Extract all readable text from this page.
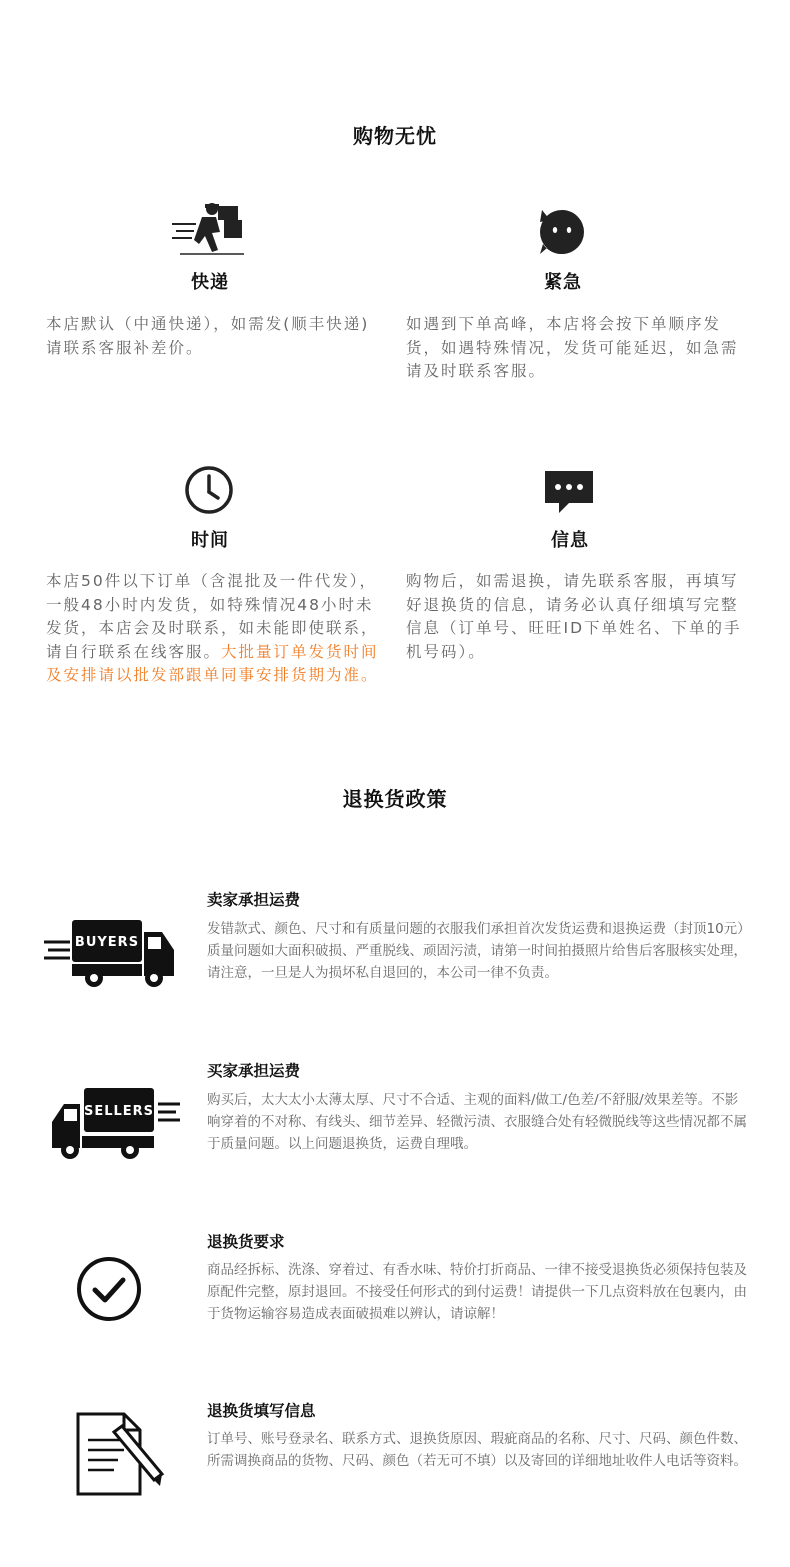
购物无忧
快递

本店默认（中通快递），如需发(顺丰快递)请联系客服补差价。

紧急

如遇到下单高峰，本店将会按下单顺序发货，如遇特殊情况，发货可能延迟，如急需请及时联系客服。

时间

本店50件以下订单（含混批及一件代发），一般48小时内发货，如特殊情况48小时未发货，本店会及时联系，如未能即使联系，请自行联系在线客服。大批量订单发货时间及安排请以批发部跟单同事安排货期为准。

信息

购物后，如需退换，请先联系客服，再填写好退换货的信息，请务必认真仔细填写完整信息（订单号、旺旺ID下单姓名、下单的手机号码）。

退换货政策
BUYERS
卖家承担运费

发错款式、颜色、尺寸和有质量问题的衣服我们承担首次发货运费和退换运费（封顶10元）质量问题如大面积破损、严重脱线、顽固污渍，请第一时间拍摄照片给售后客服核实处理，请注意，一旦是人为损坏私自退回的，本公司一律不负责。

SELLERS
买家承担运费

购买后，太大太小太薄太厚、尺寸不合适、主观的面料/做工/色差/不舒服/效果差等。不影响穿着的不对称、有线头、细节差异、轻微污渍、衣服缝合处有轻微脱线等这些情况都不属于质量问题。以上问题退换货，运费自理哦。

退换货要求

商品经拆标、洗涤、穿着过、有香水味、特价打折商品、一律不接受退换货必须保持包装及原配件完整，原封退回。不接受任何形式的到付运费！请提供一下几点资料放在包裹内，由于货物运输容易造成表面破损难以辨认，请谅解！

退换货填写信息

订单号、账号登录名、联系方式、退换货原因、瑕疵商品的名称、尺寸、尺码、颜色件数、所需调换商品的货物、尺码、颜色（若无可不填）以及寄回的详细地址收件人电话等资料。
